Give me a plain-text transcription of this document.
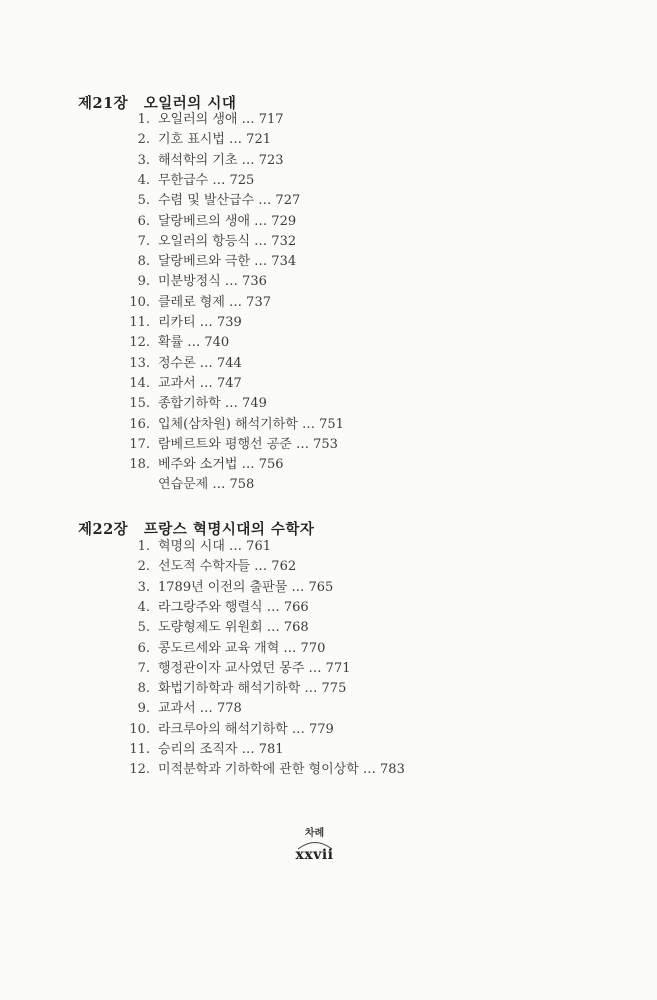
제21장 오일러의 시대
1. 오일러의 생애 … 717
2. 기호 표시법 … 721
3. 해석학의 기초 … 723
4. 무한급수 … 725
5. 수렴 및 발산급수 … 727
6. 달랑베르의 생애 … 729
7. 오일러의 항등식 … 732
8. 달랑베르와 극한 … 734
9. 미분방정식 … 736
10. 클레로 형제 … 737
11. 리카티 … 739
12. 확률 … 740
13. 정수론 … 744
14. 교과서 … 747
15. 종합기하학 … 749
16. 입체(삼차원) 해석기하학 … 751
17. 람베르트와 평행선 공준 … 753
18. 베주와 소거법 … 756
연습문제 … 758
제22장 프랑스 혁명시대의 수학자
1. 혁명의 시대 … 761
2. 선도적 수학자들 … 762
3. 1789년 이전의 출판물 … 765
4. 라그랑주와 행렬식 … 766
5. 도량형제도 위원회 … 768
6. 콩도르세와 교육 개혁 … 770
7. 행정관이자 교사였던 몽주 … 771
8. 화법기하학과 해석기하학 … 775
9. 교과서 … 778
10. 라크루아의 해석기하학 … 779
11. 승리의 조직자 … 781
12. 미적분학과 기하학에 관한 형이상학 … 783
차례
xxvii
